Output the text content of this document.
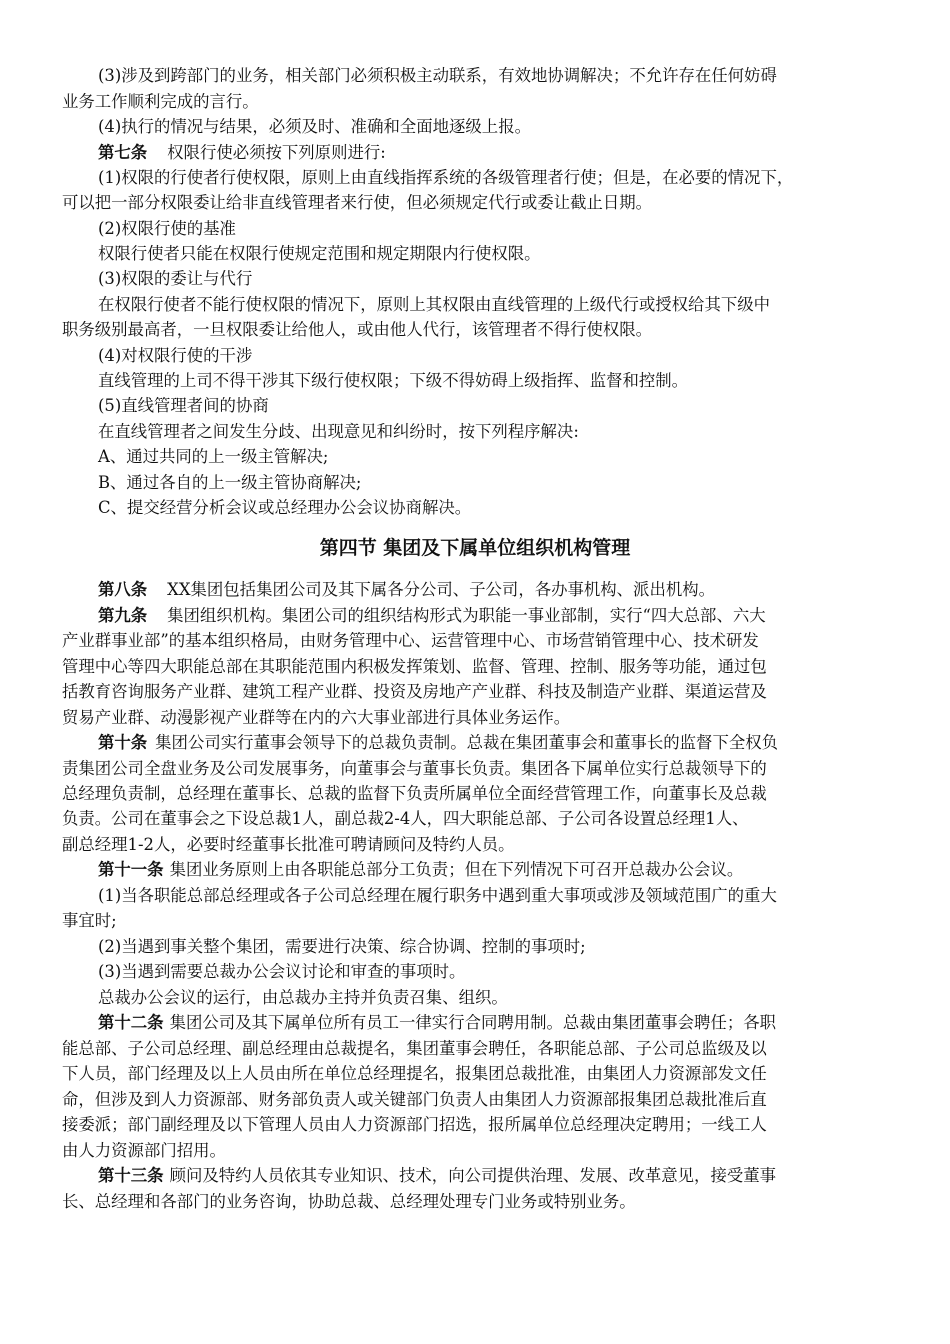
(3)涉及到跨部门的业务，相关部门必须积极主动联系，有效地协调解决；不允许存在任何妨碍
业务工作顺利完成的言行。
(4)执行的情况与结果，必须及时、准确和全面地逐级上报。
第七条 权限行使必须按下列原则进行:
(1)权限的行使者行使权限，原则上由直线指挥系统的各级管理者行使；但是，在必要的情况下，
可以把一部分权限委让给非直线管理者来行使，但必须规定代行或委让截止日期。
(2)权限行使的基准
权限行使者只能在权限行使规定范围和规定期限内行使权限。
(3)权限的委让与代行
在权限行使者不能行使权限的情况下，原则上其权限由直线管理的上级代行或授权给其下级中
职务级别最高者，一旦权限委让给他人，或由他人代行，该管理者不得行使权限。
(4)对权限行使的干涉
直线管理的上司不得干涉其下级行使权限；下级不得妨碍上级指挥、监督和控制。
(5)直线管理者间的协商
在直线管理者之间发生分歧、出现意见和纠纷时，按下列程序解决:
A、通过共同的上一级主管解决;
B、通过各自的上一级主管协商解决;
C、提交经营分析会议或总经理办公会议协商解决。
第四节 集团及下属单位组织机构管理
第八条 XX集团包括集团公司及其下属各分公司、子公司，各办事机构、派出机构。
第九条 集团组织机构。集团公司的组织结构形式为职能一事业部制，实行“四大总部、六大
产业群事业部”的基本组织格局，由财务管理中心、运营管理中心、市场营销管理中心、技术研发
管理中心等四大职能总部在其职能范围内积极发挥策划、监督、管理、控制、服务等功能，通过包
括教育咨询服务产业群、建筑工程产业群、投资及房地产产业群、科技及制造产业群、渠道运营及
贸易产业群、动漫影视产业群等在内的六大事业部进行具体业务运作。
第十条 集团公司实行董事会领导下的总裁负责制。总裁在集团董事会和董事长的监督下全权负
责集团公司全盘业务及公司发展事务，向董事会与董事长负责。集团各下属单位实行总裁领导下的
总经理负责制，总经理在董事长、总裁的监督下负责所属单位全面经营管理工作，向董事长及总裁
负责。公司在董事会之下设总裁1人，副总裁2-4人，四大职能总部、子公司各设置总经理1人、
副总经理1-2人，必要时经董事长批准可聘请顾问及特约人员。
第十一条 集团业务原则上由各职能总部分工负责；但在下列情况下可召开总裁办公会议。
(1)当各职能总部总经理或各子公司总经理在履行职务中遇到重大事项或涉及领域范围广的重大
事宜时;
(2)当遇到事关整个集团，需要进行决策、综合协调、控制的事项时;
(3)当遇到需要总裁办公会议讨论和审查的事项时。
总裁办公会议的运行，由总裁办主持并负责召集、组织。
第十二条 集团公司及其下属单位所有员工一律实行合同聘用制。总裁由集团董事会聘任；各职
能总部、子公司总经理、副总经理由总裁提名，集团董事会聘任，各职能总部、子公司总监级及以
下人员，部门经理及以上人员由所在单位总经理提名，报集团总裁批准，由集团人力资源部发文任
命，但涉及到人力资源部、财务部负责人或关键部门负责人由集团人力资源部报集团总裁批准后直
接委派；部门副经理及以下管理人员由人力资源部门招选，报所属单位总经理决定聘用；一线工人
由人力资源部门招用。
第十三条 顾问及特约人员依其专业知识、技术，向公司提供治理、发展、改革意见，接受董事
长、总经理和各部门的业务咨询，协助总裁、总经理处理专门业务或特别业务。
